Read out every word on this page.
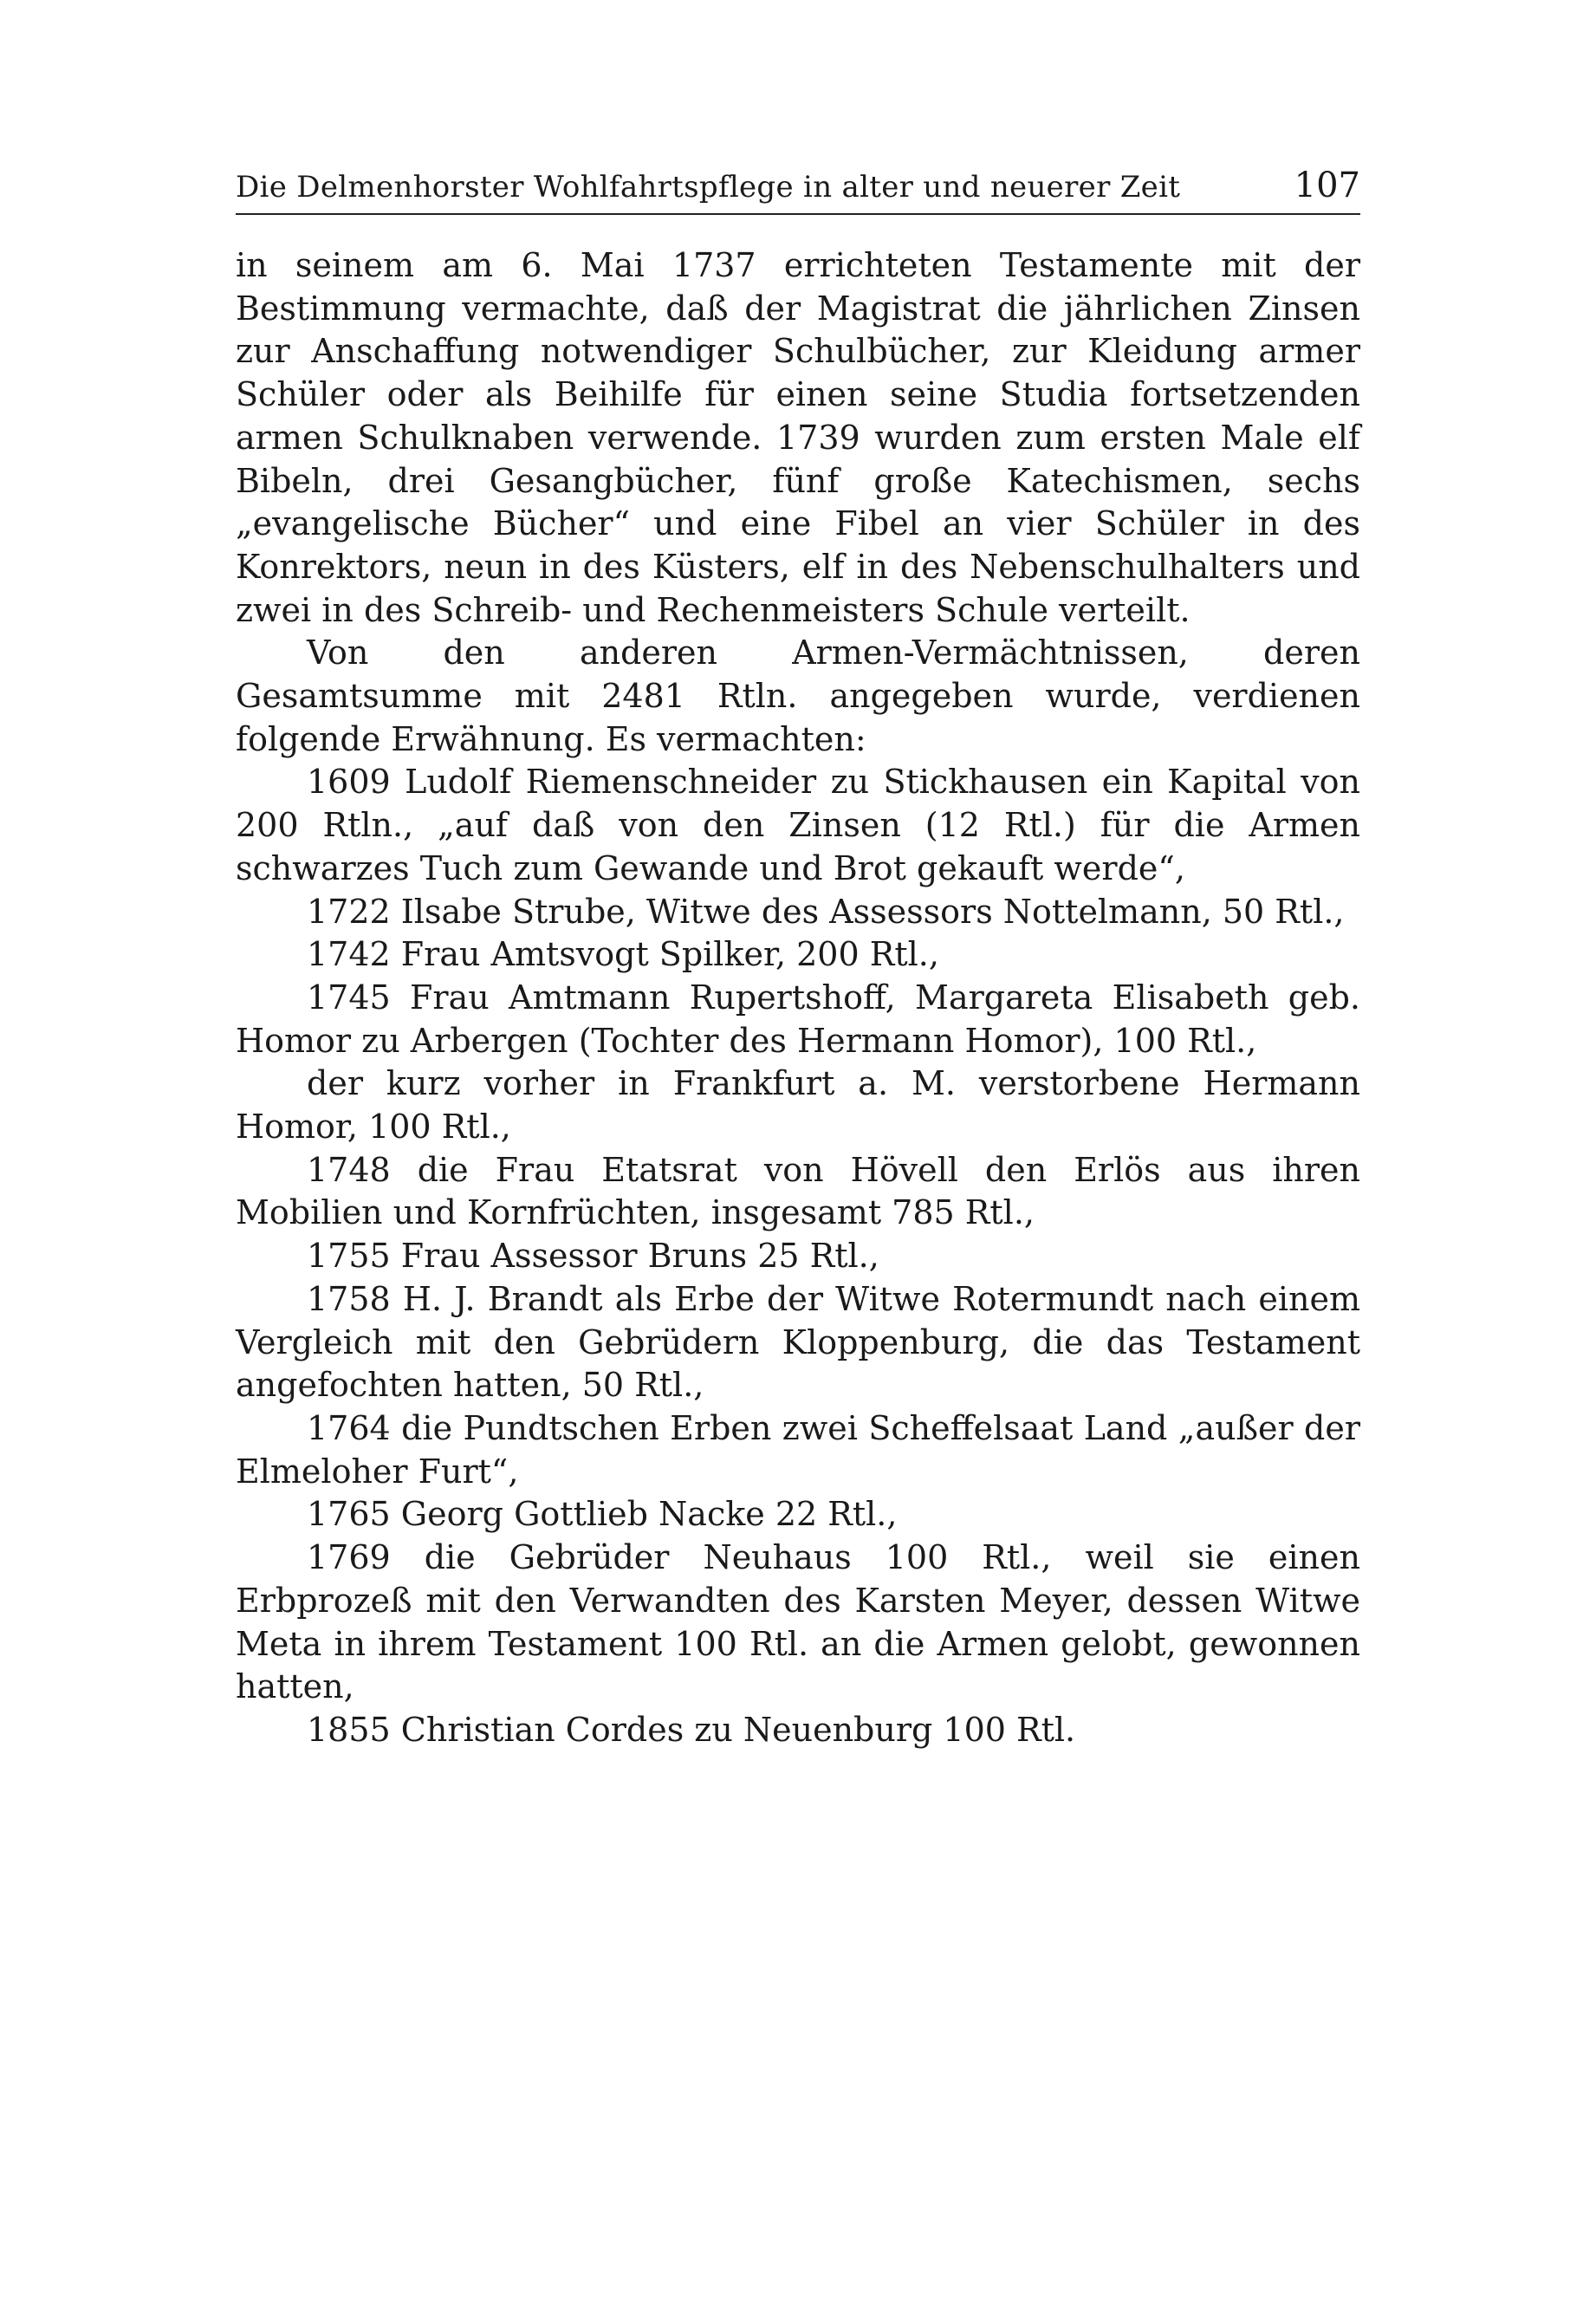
Die Delmenhorster Wohlfahrtspflege in alter und neuerer Zeit	107

in seinem am 6. Mai 1737 errichteten Testamente mit der Bestimmung vermachte, daß der Magistrat die jährlichen Zinsen zur Anschaffung notwendiger Schulbücher, zur Kleidung armer Schüler oder als Beihilfe für einen seine Studia fortsetzenden armen Schulknaben verwende. 1739 wurden zum ersten Male elf Bibeln, drei Gesangbücher, fünf große Katechismen, sechs „evangelische Bücher“ und eine Fibel an vier Schüler in des Konrektors, neun in des Küsters, elf in des Nebenschulhalters und zwei in des Schreib- und Rechenmeisters Schule verteilt.

Von den anderen Armen-Vermächtnissen, deren Gesamtsumme mit 2481 Rtln. angegeben wurde, verdienen folgende Erwähnung. Es vermachten:

1609 Ludolf Riemenschneider zu Stickhausen ein Kapital von 200 Rtln., „auf daß von den Zinsen (12 Rtl.) für die Armen schwarzes Tuch zum Gewande und Brot gekauft werde“,

1722 Ilsabe Strube, Witwe des Assessors Nottelmann, 50 Rtl.,

1742 Frau Amtsvogt Spilker, 200 Rtl.,

1745 Frau Amtmann Rupertshoff, Margareta Elisabeth geb. Homor zu Arbergen (Tochter des Hermann Homor), 100 Rtl.,

der kurz vorher in Frankfurt a. M. verstorbene Hermann Homor, 100 Rtl.,

1748 die Frau Etatsrat von Hövell den Erlös aus ihren Mobilien und Kornfrüchten, insgesamt 785 Rtl.,

1755 Frau Assessor Bruns 25 Rtl.,

1758 H. J. Brandt als Erbe der Witwe Rotermundt nach einem Vergleich mit den Gebrüdern Kloppenburg, die das Testament angefochten hatten, 50 Rtl.,

1764 die Pundtschen Erben zwei Scheffelsaat Land „außer der Elmeloher Furt“,

1765 Georg Gottlieb Nacke 22 Rtl.,

1769 die Gebrüder Neuhaus 100 Rtl., weil sie einen Erbprozeß mit den Verwandten des Karsten Meyer, dessen Witwe Meta in ihrem Testament 100 Rtl. an die Armen gelobt, gewonnen hatten,

1855 Christian Cordes zu Neuenburg 100 Rtl.
